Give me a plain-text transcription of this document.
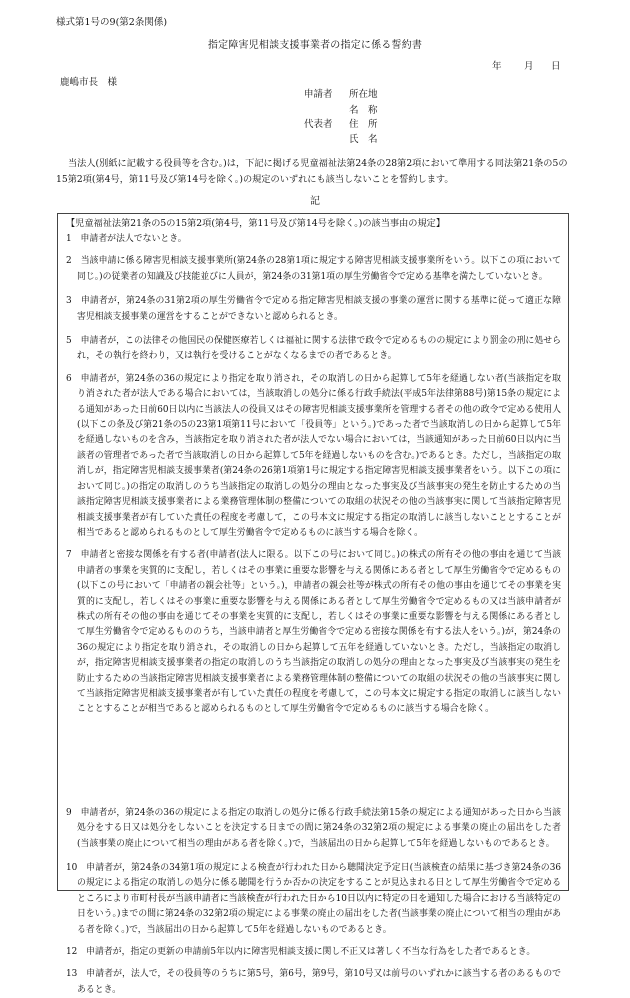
様式第1号の9(第2条関係)
指定障害児相談支援事業者の指定に係る誓約書
年 月 日
鹿嶋市長　様
申請者 所在地
名　称
代表者 住　所
氏　名
当法人(別紙に記載する役員等を含む。)は，下記に掲げる児童福祉法第24条の28第2項において準用する同法第21条の5の15第2項(第4号，第11号及び第14号を除く。)の規定のいずれにも該当しないことを誓約します。
記
【児童福祉法第21条の5の15第2項(第4号，第11号及び第14号を除く。)の該当事由の規定】
1　申請者が法人でないとき。
2　当該申請に係る障害児相談支援事業所(第24条の28第1項に規定する障害児相談支援事業所をいう。以下この項において同じ。)の従業者の知識及び技能並びに人員が，第24条の31第1項の厚生労働省令で定める基準を満たしていないとき。
3　申請者が，第24条の31第2項の厚生労働省令で定める指定障害児相談支援の事業の運営に関する基準に従って適正な障害児相談支援事業の運営をすることができないと認められるとき。
5　申請者が，この法律その他国民の保健医療若しくは福祉に関する法律で政令で定めるものの規定により罰金の刑に処せられ，その執行を終わり，又は執行を受けることがなくなるまでの者であるとき。
6　申請者が，第24条の36の規定により指定を取り消され，その取消しの日から起算して5年を経過しない者(当該指定を取り消された者が法人である場合においては，当該取消しの処分に係る行政手続法(平成5年法律第88号)第15条の規定による通知があった日前60日以内に当該法人の役員又はその障害児相談支援事業所を管理する者その他の政令で定める使用人(以下この条及び第21条の5の23第1項第11号において「役員等」という。)であった者で当該取消しの日から起算して5年を経過しないものを含み，当該指定を取り消された者が法人でない場合においては，当該通知があった日前60日以内に当該者の管理者であった者で当該取消しの日から起算して5年を経過しないものを含む。)であるとき。ただし，当該指定の取消しが，指定障害児相談支援事業者(第24条の26第1項第1号に規定する指定障害児相談支援事業者をいう。以下この項において同じ。)の指定の取消しのうち当該指定の取消しの処分の理由となった事実及び当該事実の発生を防止するための当該指定障害児相談支援事業者による業務管理体制の整備についての取組の状況その他の当該事実に関して当該指定障害児相談支援事業者が有していた責任の程度を考慮して，この号本文に規定する指定の取消しに該当しないこととすることが相当であると認められるものとして厚生労働省令で定めるものに該当する場合を除く。
7　申請者と密接な関係を有する者(申請者(法人に限る。以下この号において同じ。)の株式の所有その他の事由を通じて当該申請者の事業を実質的に支配し，若しくはその事業に重要な影響を与える関係にある者として厚生労働省令で定めるもの(以下この号において「申請者の親会社等」という。)，申請者の親会社等が株式の所有その他の事由を通じてその事業を実質的に支配し，若しくはその事業に重要な影響を与える関係にある者として厚生労働省令で定めるもの又は当該申請者が株式の所有その他の事由を通じてその事業を実質的に支配し，若しくはその事業に重要な影響を与える関係にある者として厚生労働省令で定めるもののうち，当該申請者と厚生労働省令で定める密接な関係を有する法人をいう。)が，第24条の36の規定により指定を取り消され，その取消しの日から起算して五年を経過していないとき。ただし，当該指定の取消しが，指定障害児相談支援事業者の指定の取消しのうち当該指定の取消しの処分の理由となった事実及び当該事実の発生を防止するための当該指定障害児相談支援事業者による業務管理体制の整備についての取組の状況その他の当該事実に関して当該指定障害児相談支援事業者が有していた責任の程度を考慮して，この号本文に規定する指定の取消しに該当しないこととすることが相当であると認められるものとして厚生労働省令で定めるものに該当する場合を除く。
9　申請者が，第24条の36の規定による指定の取消しの処分に係る行政手続法第15条の規定による通知があった日から当該処分をする日又は処分をしないことを決定する日までの間に第24条の32第2項の規定による事業の廃止の届出をした者(当該事業の廃止について相当の理由がある者を除く。)で，当該届出の日から起算して5年を経過しないものであるとき。
10　申請者が，第24条の34第1項の規定による検査が行われた日から聴聞決定予定日(当該検査の結果に基づき第24条の36の規定による指定の取消しの処分に係る聴聞を行うか否かの決定をすることが見込まれる日として厚生労働省令で定めるところにより市町村長が当該申請者に当該検査が行われた日から10日以内に特定の日を通知した場合における当該特定の日をいう。)までの間に第24条の32第2項の規定による事業の廃止の届出をした者(当該事業の廃止について相当の理由がある者を除く。)で，当該届出の日から起算して5年を経過しないものであるとき。
12　申請者が，指定の更新の申請前5年以内に障害児相談支援に関し不正又は著しく不当な行為をした者であるとき。
13　申請者が，法人で，その役員等のうちに第5号，第6号，第9号，第10号又は前号のいずれかに該当する者のあるものであるとき。
